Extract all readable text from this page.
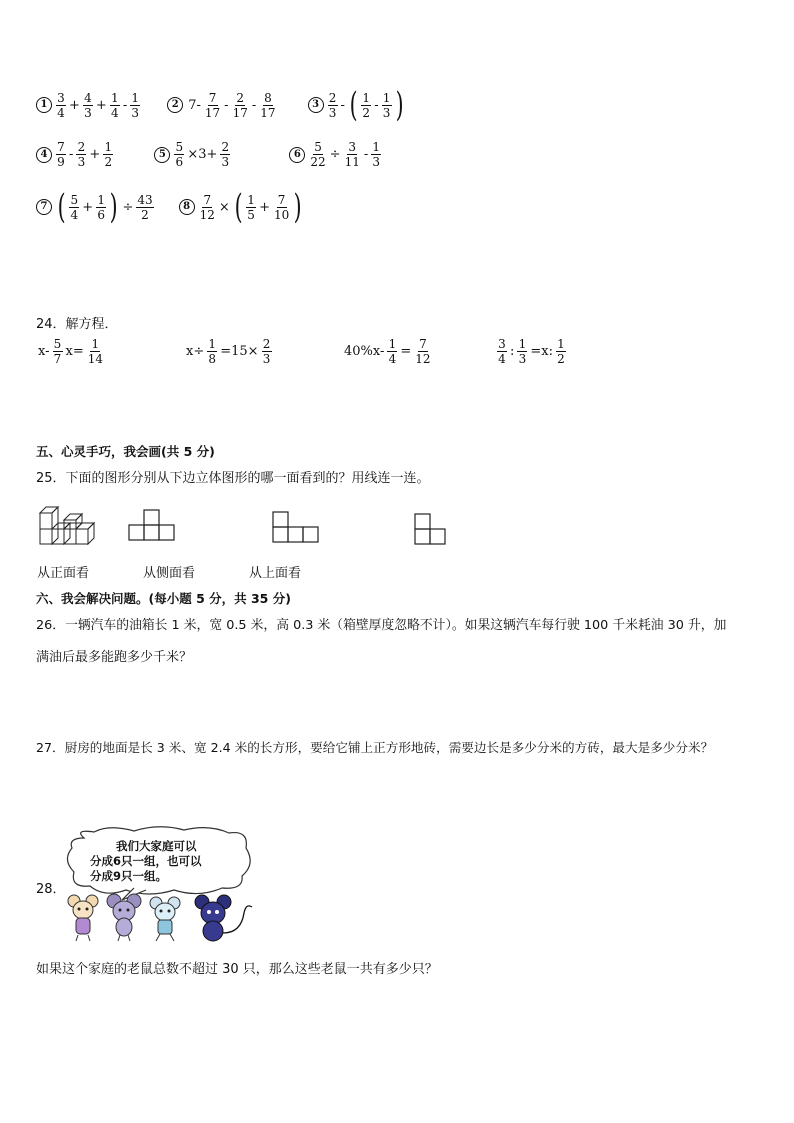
$1 \frac{3}{4} + \frac{4}{3} + \frac{1}{4} - \frac{1}{3}$	2 $7- \frac{7}{17} - \frac{2}{17} - \frac{8}{17}$	$3 \frac{2}{3}$ - ( $\frac{1}{2} - \frac{1}{3}$ )
$4 \frac{7}{9} - \frac{2}{3} + \frac{1}{2}$	$5 \frac{5}{6} \times 3+ \frac{2}{3}$	$6 \frac{5}{22} \div \frac{3}{11} - \frac{1}{3}$
7 ( $\frac{5}{4} + \frac{1}{6}$ ) ÷ $\frac{43}{2}$	$8 \frac{7}{12}$ × ( $\frac{1}{5} + \frac{7}{10}$ )
24．解方程．
$x- \frac{5}{7} x= \frac{1}{14}$	$x\div \frac{1}{8} =15\times \frac{2}{3}$	$40\%x- \frac{1}{4} = \frac{7}{12}$	$\frac{3}{4}$ : $\frac{1}{3} =x$: $\frac{1}{2}$
五、心灵手巧，我会画(共 5 分)
25．下面的图形分别从下边立体图形的哪一面看到的？用线连一连。
从正面看	从侧面看	从上面看
六、我会解决问题。(每小题 5 分，共 35 分)
26．一辆汽车的油箱长 1 米，宽 0.5 米，高 0.3 米（箱壁厚度忽略不计）。如果这辆汽车每行驶 100 千米耗油 30 升，加
满油后最多能跑多少千米？
27．厨房的地面是长 3 米、宽 2.4 米的长方形，要给它铺上正方形地砖，需要边长是多少分米的方砖，最大是多少分米？
28．
我们大家庭可以
分成6只一组，也可以
分成9只一组。
如果这个家庭的老鼠总数不超过 30 只，那么这些老鼠一共有多少只？
